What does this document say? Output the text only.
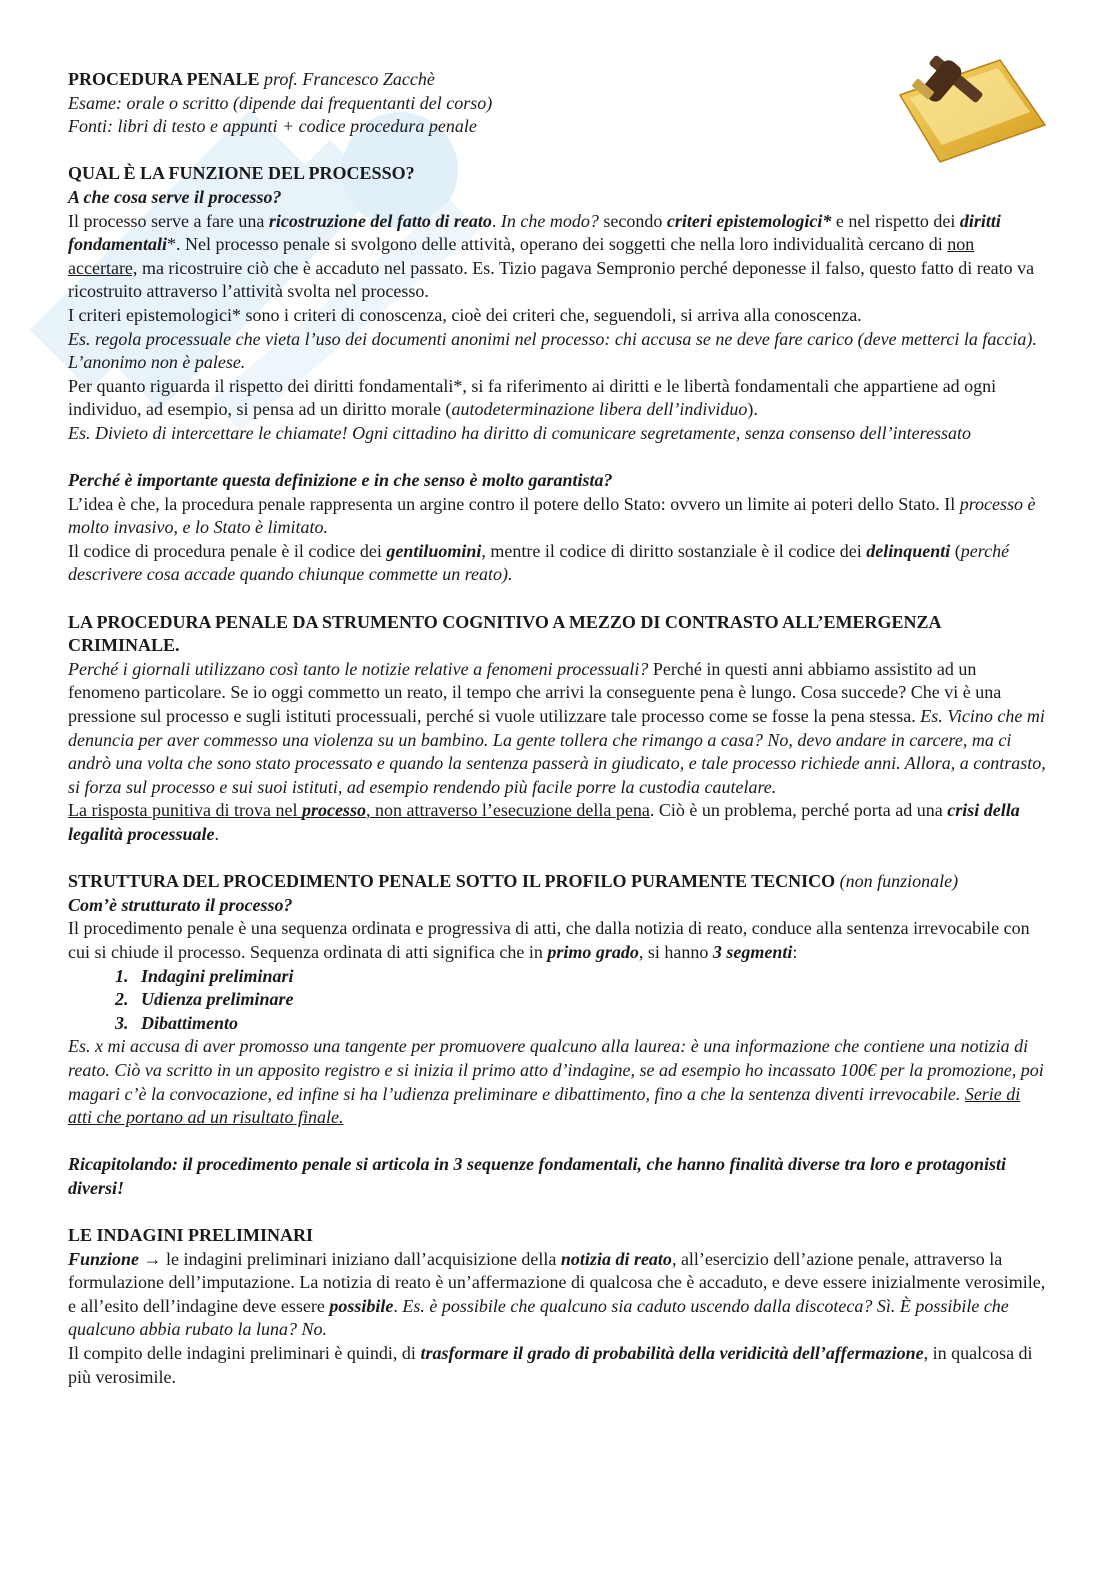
PROCEDURA PENALE prof. Francesco Zacchè

Esame: orale o scritto (dipende dai frequentanti del corso)

Fonti: libri di testo e appunti + codice procedura penale

QUAL È LA FUNZIONE DEL PROCESSO?

A che cosa serve il processo?

Il processo serve a fare una ricostruzione del fatto di reato. In che modo? secondo criteri epistemologici* e nel rispetto dei diritti fondamentali*. Nel processo penale si svolgono delle attività, operano dei soggetti che nella loro individualità cercano di non accertare, ma ricostruire ciò che è accaduto nel passato. Es. Tizio pagava Sempronio perché deponesse il falso, questo fatto di reato va ricostruito attraverso l’attività svolta nel processo.

I criteri epistemologici* sono i criteri di conoscenza, cioè dei criteri che, seguendoli, si arriva alla conoscenza.

Es. regola processuale che vieta l’uso dei documenti anonimi nel processo: chi accusa se ne deve fare carico (deve metterci la faccia). L’anonimo non è palese.

Per quanto riguarda il rispetto dei diritti fondamentali*, si fa riferimento ai diritti e le libertà fondamentali che appartiene ad ogni individuo, ad esempio, si pensa ad un diritto morale (autodeterminazione libera dell’individuo).

Es. Divieto di intercettare le chiamate! Ogni cittadino ha diritto di comunicare segretamente, senza consenso dell’interessato

Perché è importante questa definizione e in che senso è molto garantista?

L’idea è che, la procedura penale rappresenta un argine contro il potere dello Stato: ovvero un limite ai poteri dello Stato. Il processo è molto invasivo, e lo Stato è limitato.

Il codice di procedura penale è il codice dei gentiluomini, mentre il codice di diritto sostanziale è il codice dei delinquenti (perché descrivere cosa accade quando chiunque commette un reato).

LA PROCEDURA PENALE DA STRUMENTO COGNITIVO A MEZZO DI CONTRASTO ALL’EMERGENZA CRIMINALE.

Perché i giornali utilizzano così tanto le notizie relative a fenomeni processuali? Perché in questi anni abbiamo assistito ad un fenomeno particolare. Se io oggi commetto un reato, il tempo che arrivi la conseguente pena è lungo. Cosa succede? Che vi è una pressione sul processo e sugli istituti processuali, perché si vuole utilizzare tale processo come se fosse la pena stessa. Es. Vicino che mi denuncia per aver commesso una violenza su un bambino. La gente tollera che rimango a casa? No, devo andare in carcere, ma ci andrò una volta che sono stato processato e quando la sentenza passerà in giudicato, e tale processo richiede anni. Allora, a contrasto, si forza sul processo e sui suoi istituti, ad esempio rendendo più facile porre la custodia cautelare.

La risposta punitiva di trova nel processo, non attraverso l’esecuzione della pena. Ciò è un problema, perché porta ad una crisi della legalità processuale.

STRUTTURA DEL PROCEDIMENTO PENALE SOTTO IL PROFILO PURAMENTE TECNICO (non funzionale)

Com’è strutturato il processo?

Il procedimento penale è una sequenza ordinata e progressiva di atti, che dalla notizia di reato, conduce alla sentenza irrevocabile con cui si chiude il processo. Sequenza ordinata di atti significa che in primo grado, si hanno 3 segmenti:

1. Indagini preliminari
2. Udienza preliminare
3. Dibattimento

Es. x mi accusa di aver promosso una tangente per promuovere qualcuno alla laurea: è una informazione che contiene una notizia di reato. Ciò va scritto in un apposito registro e si inizia il primo atto d’indagine, se ad esempio ho incassato 100€ per la promozione, poi magari c’è la convocazione, ed infine si ha l’udienza preliminare e dibattimento, fino a che la sentenza diventi irrevocabile. Serie di atti che portano ad un risultato finale.

Ricapitolando: il procedimento penale si articola in 3 sequenze fondamentali, che hanno finalità diverse tra loro e protagonisti diversi!

LE INDAGINI PRELIMINARI

Funzione → le indagini preliminari iniziano dall’acquisizione della notizia di reato, all’esercizio dell’azione penale, attraverso la formulazione dell’imputazione. La notizia di reato è un’affermazione di qualcosa che è accaduto, e deve essere inizialmente verosimile, e all’esito dell’indagine deve essere possibile. Es. è possibile che qualcuno sia caduto uscendo dalla discoteca? Sì. È possibile che qualcuno abbia rubato la luna? No.

Il compito delle indagini preliminari è quindi, di trasformare il grado di probabilità della veridicità dell’affermazione, in qualcosa di più verosimile.
